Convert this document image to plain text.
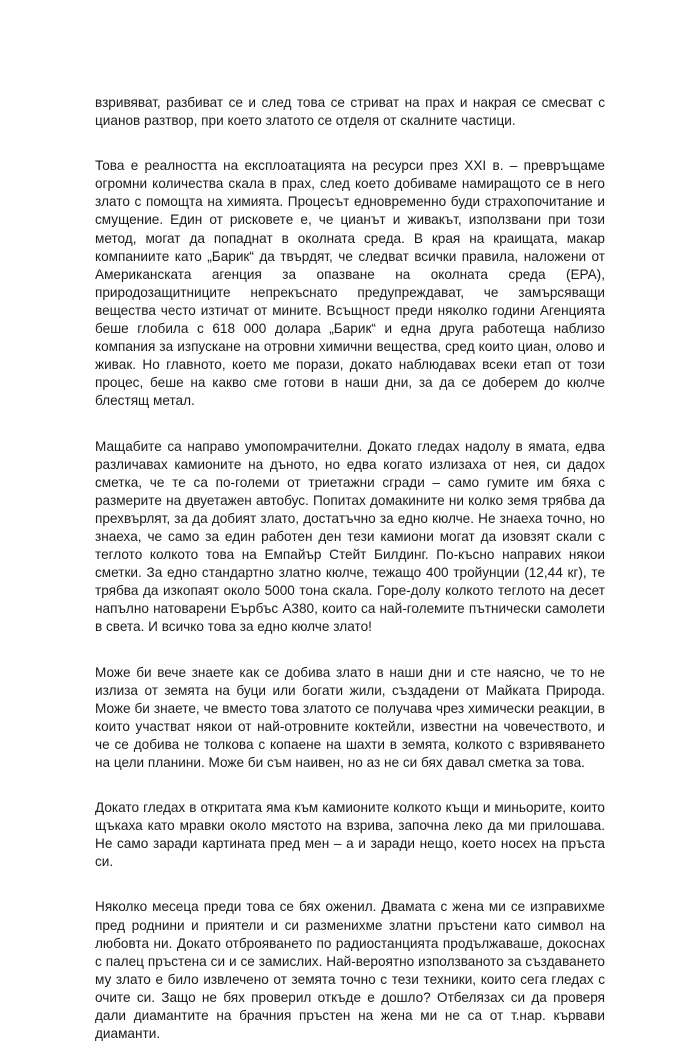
взривяват, разбиват се и след това се стриват на прах и накрая се смесват с цианов разтвор, при което златото се отделя от скалните частици.

Това е реалността на експлоатацията на ресурси през XXI в. – превръщаме огромни количества скала в прах, след което добиваме намиращото се в него злато с помощта на химията. Процесът едновременно буди страхопочитание и смущение. Един от рисковете е, че цианът и живакът, използвани при този метод, могат да попаднат в околната среда. В края на краищата, макар компаниите като „Барик“ да твърдят, че следват всички правила, наложени от Американската агенция за опазване на околната среда (EPA), природозащитниците непрекъснато предупреждават, че замърсяващи вещества често изтичат от мините. Всъщност преди няколко години Агенцията беше глобила с 618 000 долара „Барик“ и една друга работеща наблизо компания за изпускане на отровни химични вещества, сред които циан, олово и живак. Но главното, което ме порази, докато наблюдавах всеки етап от този процес, беше на какво сме готови в наши дни, за да се доберем до кюлче блестящ метал.

Мащабите са направо умопомрачителни. Докато гледах надолу в ямата, едва различавах камионите на дъното, но едва когато излизаха от нея, си дадох сметка, че те са по-големи от триетажни сгради – само гумите им бяха с размерите на двуетажен автобус. Попитах домакините ни колко земя трябва да прехвърлят, за да добият злато, достатъчно за едно кюлче. Не знаеха точно, но знаеха, че само за един работен ден тези камиони могат да изовзят скали с теглото колкото това на Емпайър Стейт Билдинг. По-късно направих някои сметки. За едно стандартно златно кюлче, тежащо 400 тройунции (12,44 кг), те трябва да изкопаят около 5000 тона скала. Горе-долу колкото теглото на десет напълно натоварени Еърбъс A380, които са най-големите пътнически самолети в света. И всичко това за едно кюлче злато!

Може би вече знаете как се добива злато в наши дни и сте наясно, че то не излиза от земята на буци или богати жили, създадени от Майката Природа. Може би знаете, че вместо това златото се получава чрез химически реакции, в които участват някои от най-отровните коктейли, известни на човечеството, и че се добива не толкова с копаене на шахти в земята, колкото с взривяването на цели планини. Може би съм наивен, но аз не си бях давал сметка за това.

Докато гледах в откритата яма към камионите колкото къщи и миньорите, които щъкаха като мравки около мястото на взрива, започна леко да ми прилошава. Не само заради картината пред мен – а и заради нещо, което носех на пръста си.

Няколко месеца преди това се бях оженил. Двамата с жена ми се изправихме пред роднини и приятели и си разменихме златни пръстени като символ на любовта ни. Докато отброяването по радиостанцията продължаваше, докоснах с палец пръстена си и се замислих. Най-вероятно използваното за създаването му злато е било извлечено от земята точно с тези техники, които сега гледах с очите си. Защо не бях проверил откъде е дошло? Отбелязах си да проверя дали диамантите на брачния пръстен на жена ми не са от т.нар. кървави диаманти.
